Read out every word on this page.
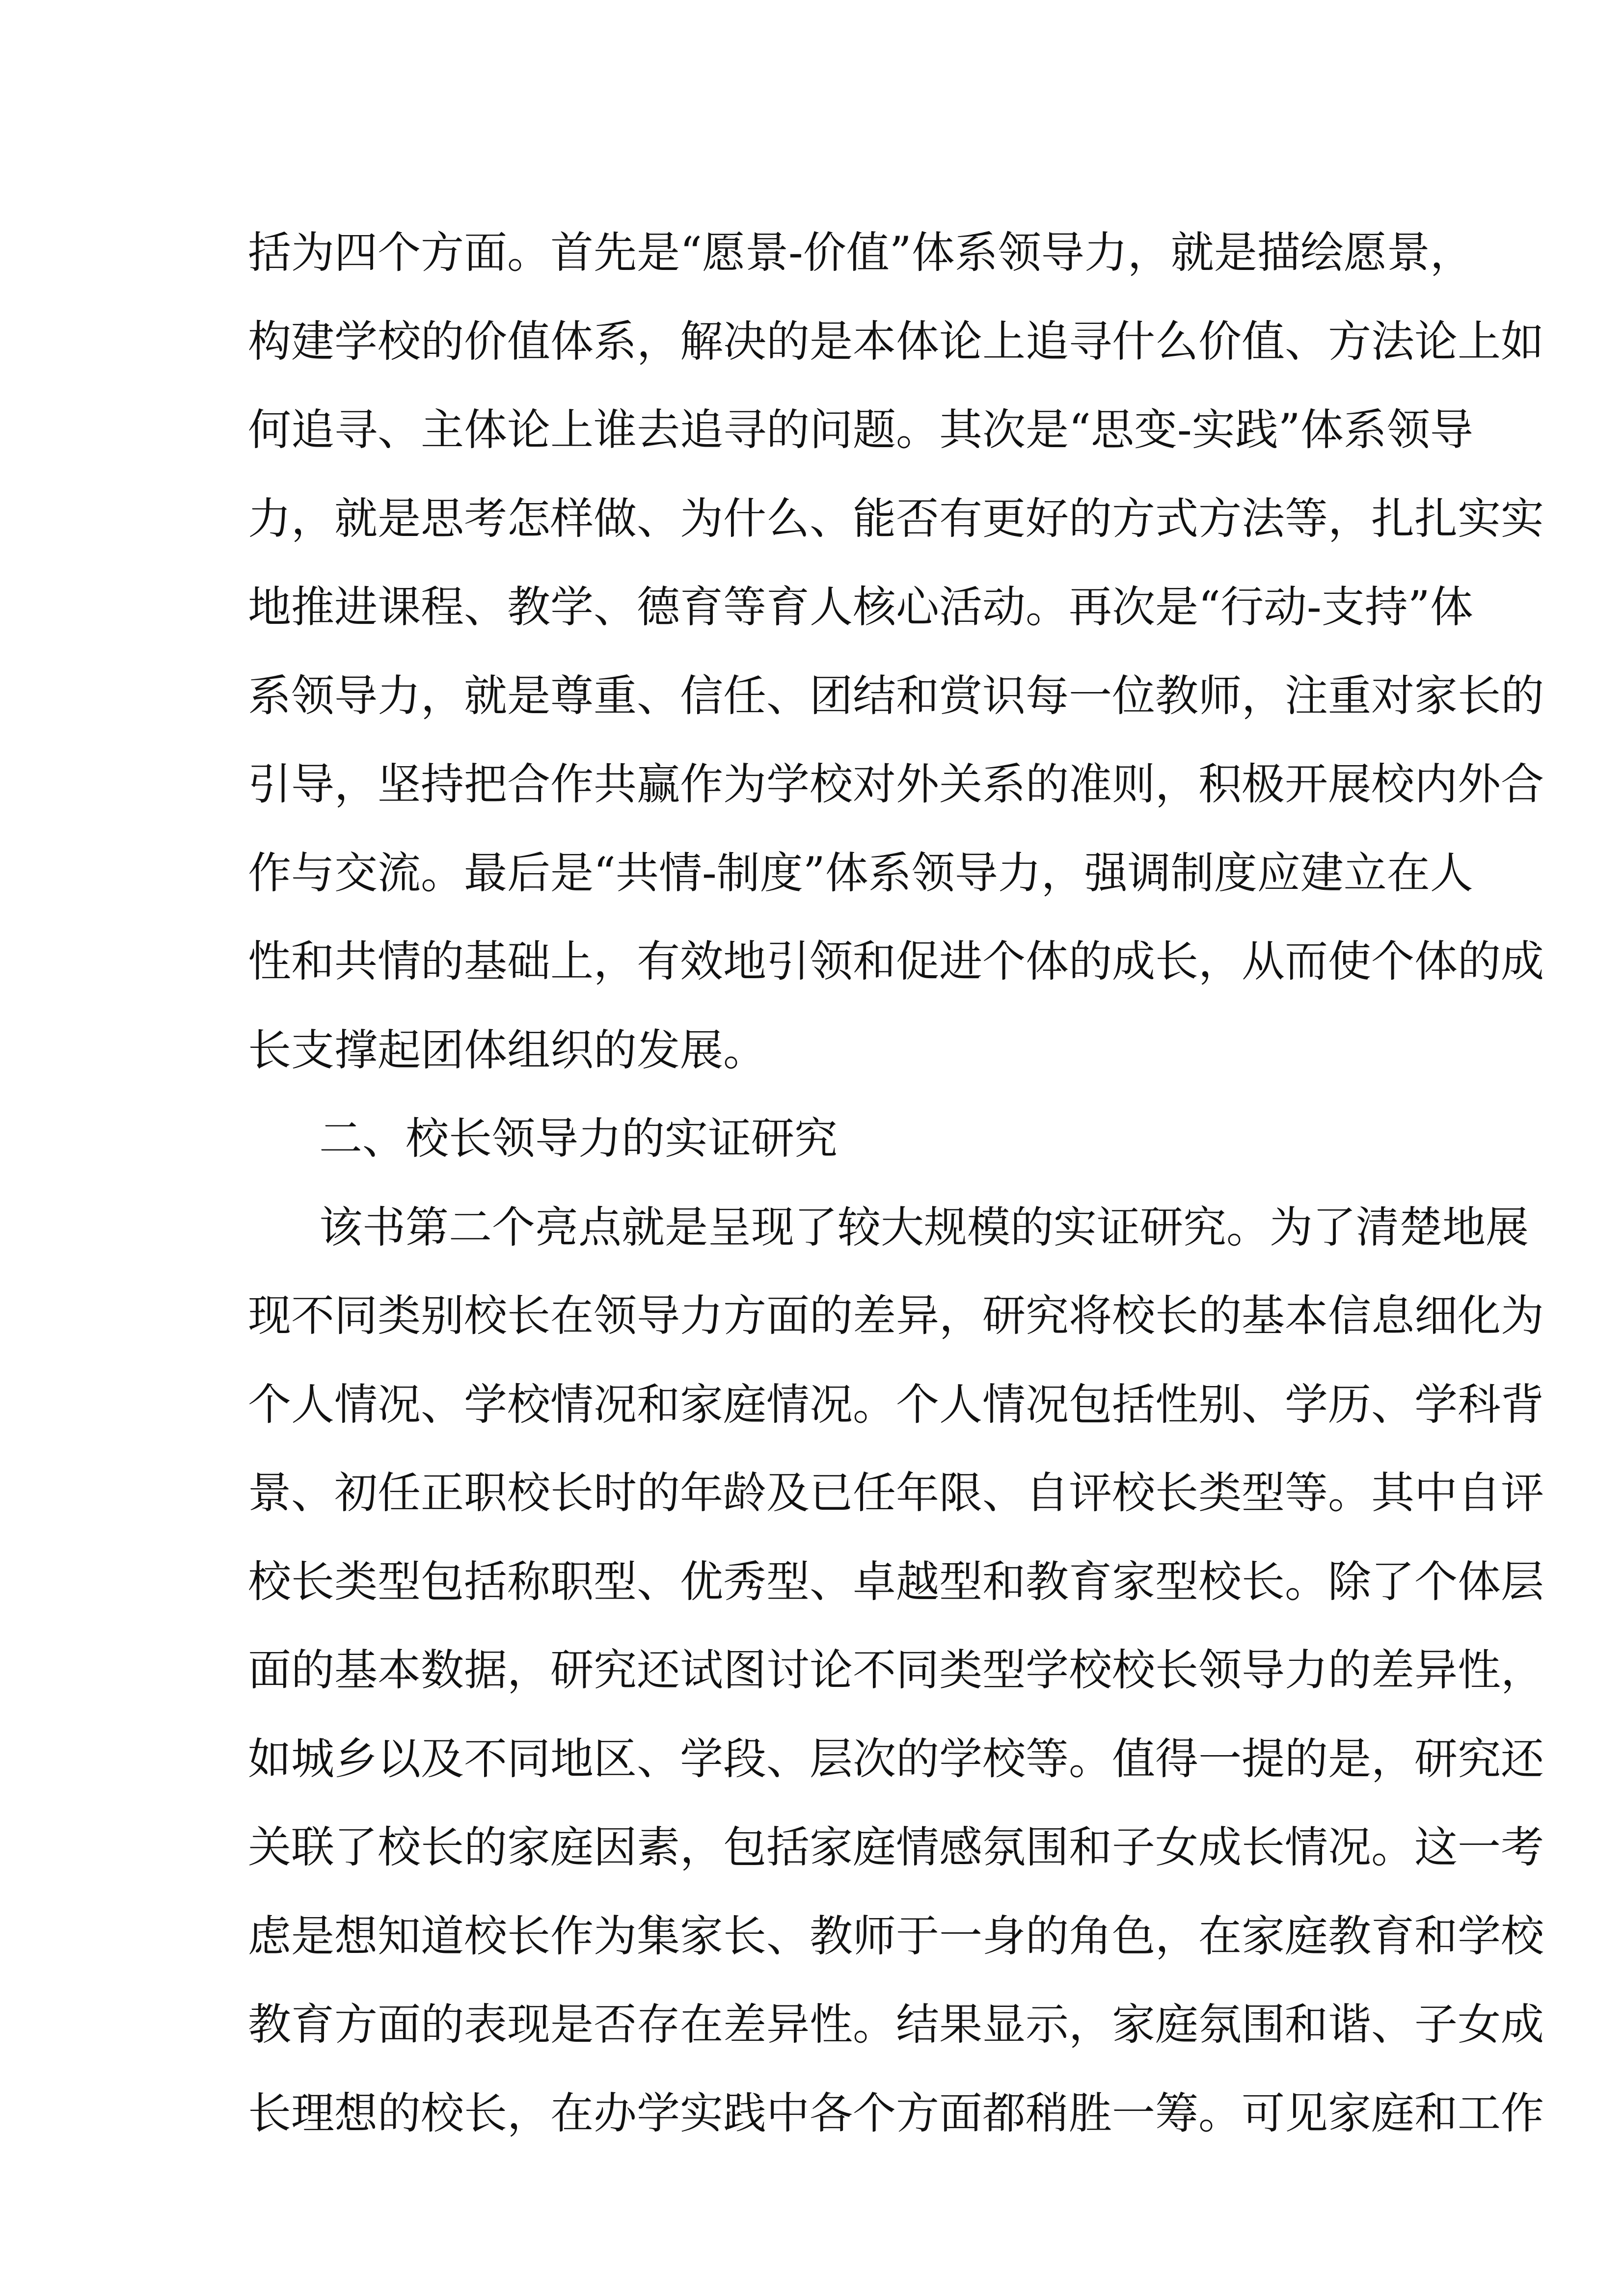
括为四个方面。首先是“愿景-价值”体系领导力，就是描绘愿景，
构建学校的价值体系，解决的是本体论上追寻什么价值、方法论上如
何追寻、主体论上谁去追寻的问题。其次是“思变-实践”体系领导
力，就是思考怎样做、为什么、能否有更好的方式方法等，扎扎实实
地推进课程、教学、德育等育人核心活动。再次是“行动-支持”体
系领导力，就是尊重、信任、团结和赏识每一位教师，注重对家长的
引导，坚持把合作共赢作为学校对外关系的准则，积极开展校内外合
作与交流。最后是“共情-制度”体系领导力，强调制度应建立在人
性和共情的基础上，有效地引领和促进个体的成长，从而使个体的成
长支撑起团体组织的发展。
二、校长领导力的实证研究
该书第二个亮点就是呈现了较大规模的实证研究。为了清楚地展
现不同类别校长在领导力方面的差异，研究将校长的基本信息细化为
个人情况、学校情况和家庭情况。个人情况包括性别、学历、学科背
景、初任正职校长时的年龄及已任年限、自评校长类型等。其中自评
校长类型包括称职型、优秀型、卓越型和教育家型校长。除了个体层
面的基本数据，研究还试图讨论不同类型学校校长领导力的差异性，
如城乡以及不同地区、学段、层次的学校等。值得一提的是，研究还
关联了校长的家庭因素，包括家庭情感氛围和子女成长情况。这一考
虑是想知道校长作为集家长、教师于一身的角色，在家庭教育和学校
教育方面的表现是否存在差异性。结果显示，家庭氛围和谐、子女成
长理想的校长，在办学实践中各个方面都稍胜一筹。可见家庭和工作
